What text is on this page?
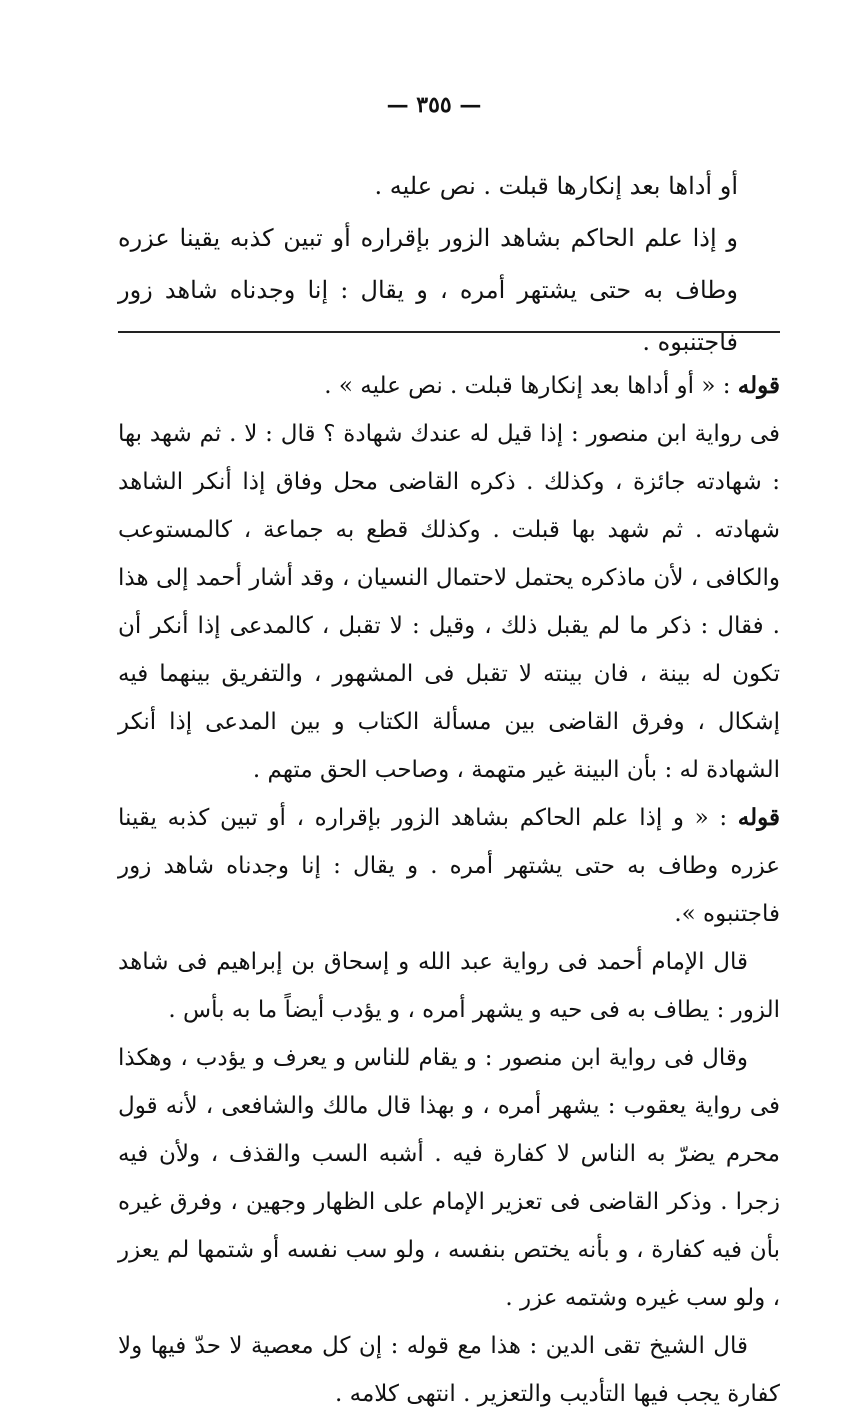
— ٣٥٥ —

أو أداها بعد إنكارها قبلت . نص عليه .

و إذا علم الحاكم بشاهد الزور بإقراره أو تبين كذبه يقينا عزره وطاف به حتى يشتهر أمره ، و يقال : إنا وجدناه شاهد زور فاجتنبوه .

قوله : « أو أداها بعد إنكارها قبلت . نص عليه » .

فى رواية ابن منصور : إذا قيل له عندك شهادة ؟ قال : لا . ثم شهد بها : شهادته جائزة ، وكذلك . ذكره القاضى محل وفاق إذا أنكر الشاهد شهادته . ثم شهد بها قبلت . وكذلك قطع به جماعة ، كالمستوعب والكافى ، لأن ماذكره يحتمل لاحتمال النسيان ، وقد أشار أحمد إلى هذا . فقال : ذكر ما لم يقبل ذلك ، وقيل : لا تقبل ، كالمدعى إذا أنكر أن تكون له بينة ، فان بينته لا تقبل فى المشهور ، والتفريق بينهما فيه إشكال ، وفرق القاضى بين مسألة الكتاب و بين المدعى إذا أنكر الشهادة له : بأن البينة غير متهمة ، وصاحب الحق متهم .

قوله : « و إذا علم الحاكم بشاهد الزور بإقراره ، أو تبين كذبه يقينا عزره وطاف به حتى يشتهر أمره . و يقال : إنا وجدناه شاهد زور فاجتنبوه ».

قال الإمام أحمد فى رواية عبد الله و إسحاق بن إبراهيم فى شاهد الزور : يطاف به فى حيه و يشهر أمره ، و يؤدب أيضاً ما به بأس .

وقال فى رواية ابن منصور : و يقام للناس و يعرف و يؤدب ، وهكذا فى رواية يعقوب : يشهر أمره ، و بهذا قال مالك والشافعى ، لأنه قول محرم يضرّ به الناس لا كفارة فيه . أشبه السب والقذف ، ولأن فيه زجرا . وذكر القاضى فى تعزير الإمام على الظهار وجهين ، وفرق غيره بأن فيه كفارة ، و بأنه يختص بنفسه ، ولو سب نفسه أو شتمها لم يعزر ، ولو سب غيره وشتمه عزر .

قال الشيخ تقى الدين : هذا مع قوله : إن كل معصية لا حدّ فيها ولا كفارة يجب فيها التأديب والتعزير . انتهى كلامه .
